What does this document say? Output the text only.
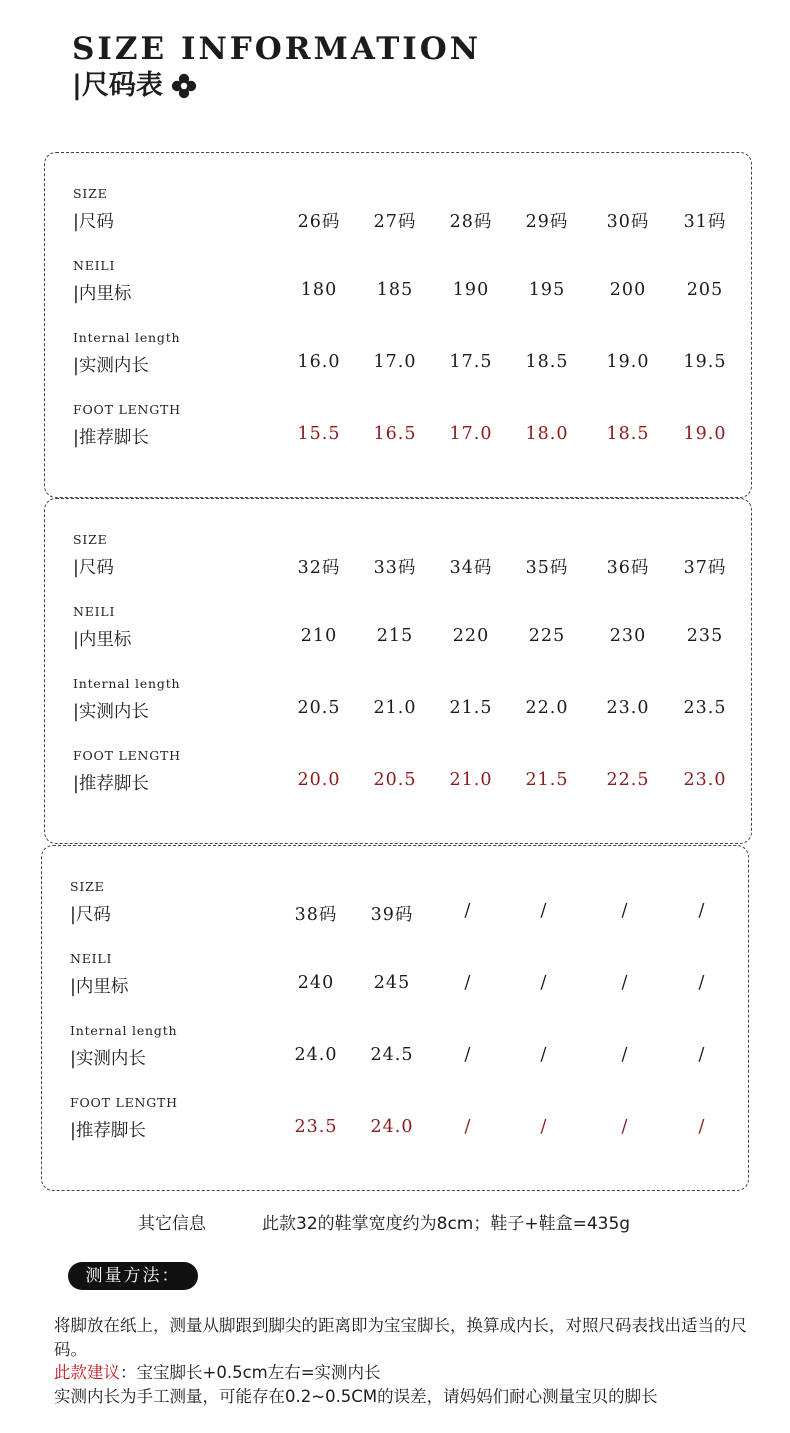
SIZE INFORMATION
|尺码表
SIZE
|尺码	26码	27码	28码	29码	30码	31码
NEILI
|内里标	180	185	190	195	200	205
Internal length
|实测内长	16.0	17.0	17.5	18.5	19.0	19.5
FOOT LENGTH
|推荐脚长	15.5	16.5	17.0	18.0	18.5	19.0
SIZE
|尺码	32码	33码	34码	35码	36码	37码
NEILI
|内里标	210	215	220	225	230	235
Internal length
|实测内长	20.5	21.0	21.5	22.0	23.0	23.5
FOOT LENGTH
|推荐脚长	20.0	20.5	21.0	21.5	22.5	23.0
SIZE
|尺码	38码	39码	/	/	/	/
NEILI
|内里标	240	245	/	/	/	/
Internal length
|实测内长	24.0	24.5	/	/	/	/
FOOT LENGTH
|推荐脚长	23.5	24.0	/	/	/	/
其它信息	此款32的鞋掌宽度约为8cm；鞋子+鞋盒=435g
测量方法：

将脚放在纸上，测量从脚跟到脚尖的距离即为宝宝脚长，换算成内长，对照尺码表找出适当的尺码。

此款建议：宝宝脚长+0.5cm左右=实测内长

实测内长为手工测量，可能存在0.2~0.5CM的误差，请妈妈们耐心测量宝贝的脚长
